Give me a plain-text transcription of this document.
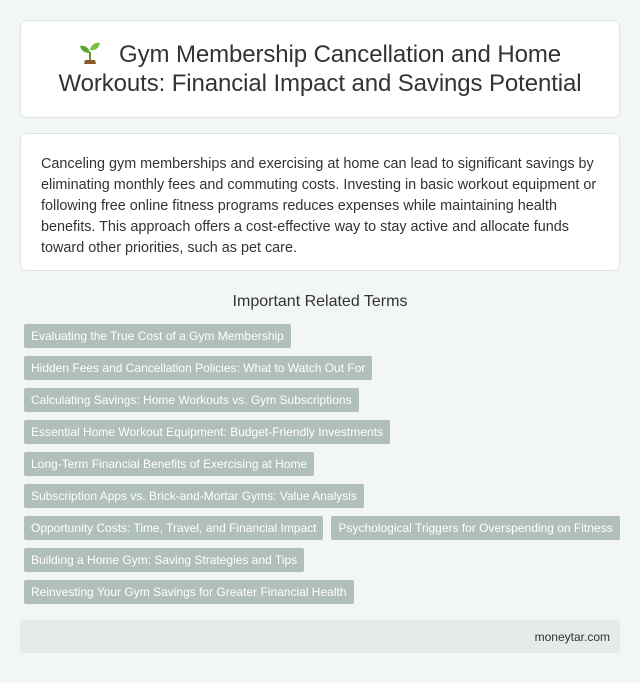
Gym Membership Cancellation and Home Workouts: Financial Impact and Savings Potential

Canceling gym memberships and exercising at home can lead to significant savings by eliminating monthly fees and commuting costs. Investing in basic workout equipment or following free online fitness programs reduces expenses while maintaining health benefits. This approach offers a cost-effective way to stay active and allocate funds toward other priorities, such as pet care.

Important Related Terms
Evaluating the True Cost of a Gym Membership
Hidden Fees and Cancellation Policies: What to Watch Out For
Calculating Savings: Home Workouts vs. Gym Subscriptions
Essential Home Workout Equipment: Budget-Friendly Investments
Long-Term Financial Benefits of Exercising at Home
Subscription Apps vs. Brick-and-Mortar Gyms: Value Analysis
Opportunity Costs: Time, Travel, and Financial Impact	Psychological Triggers for Overspending on Fitness
Building a Home Gym: Saving Strategies and Tips
Reinvesting Your Gym Savings for Greater Financial Health
moneytar.com
